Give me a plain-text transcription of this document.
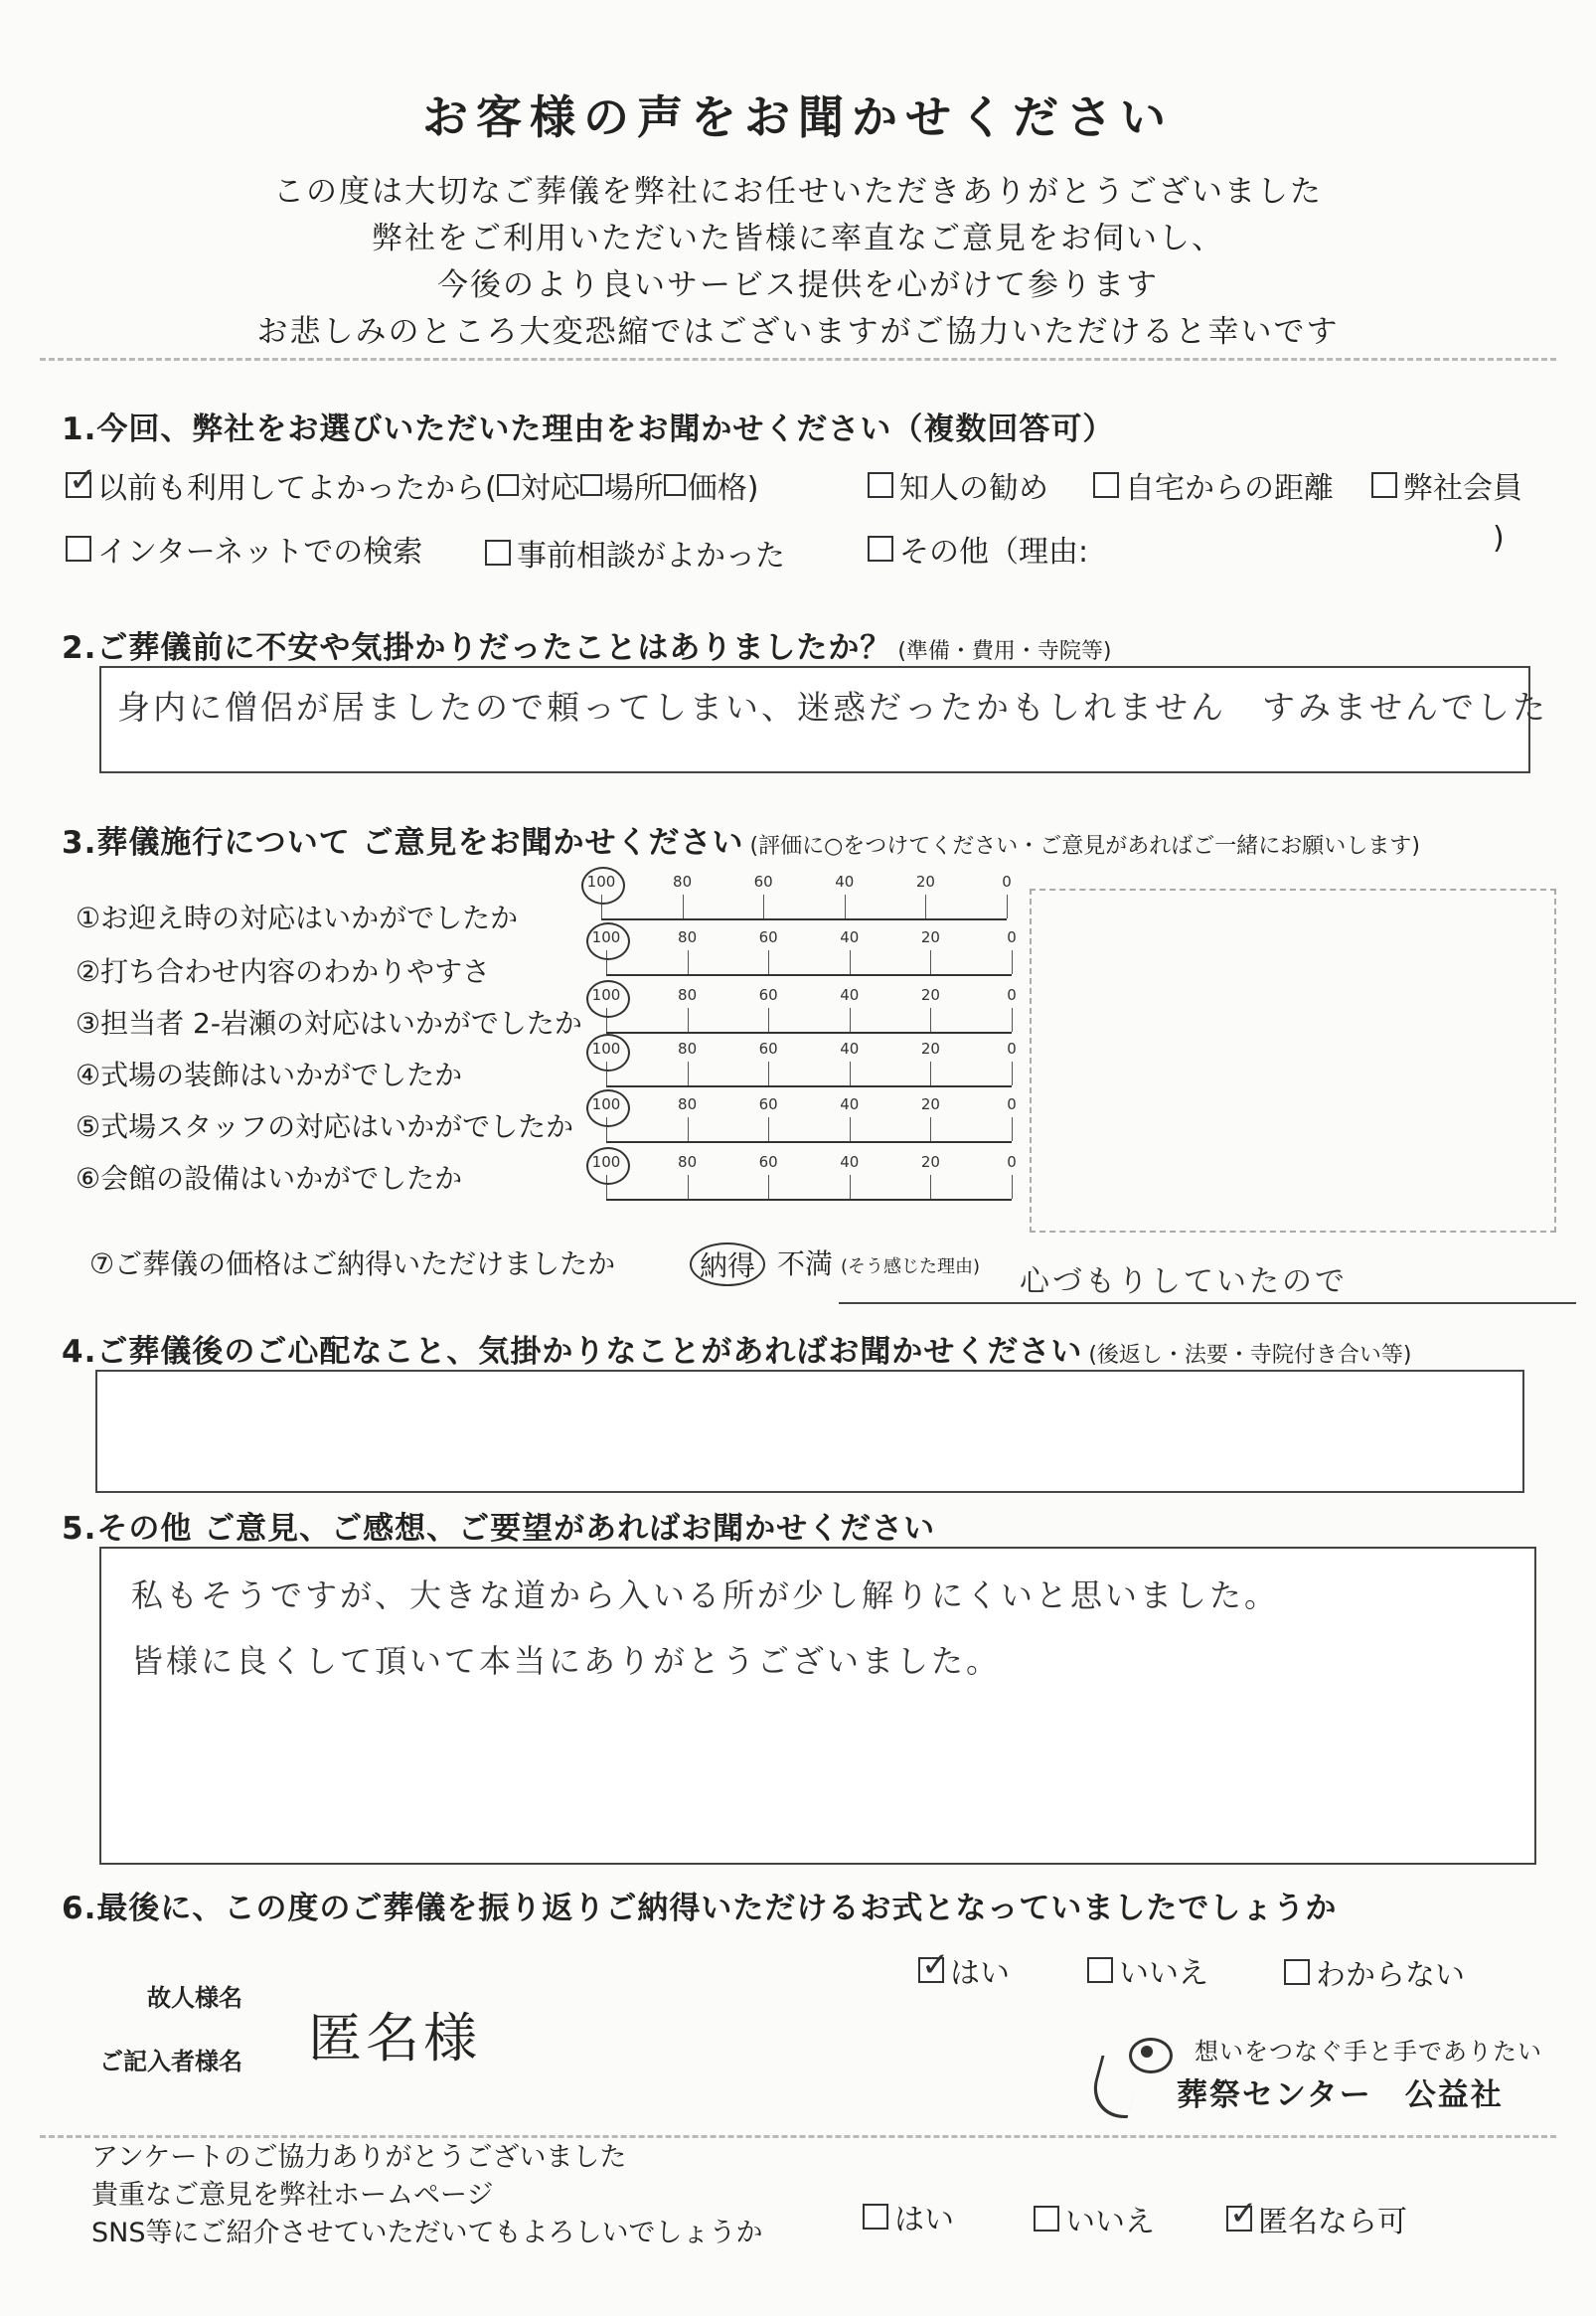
お客様の声をお聞かせください
この度は大切なご葬儀を弊社にお任せいただきありがとうございました
弊社をご利用いただいた皆様に率直なご意見をお伺いし、
今後のより良いサービス提供を心がけて参ります
お悲しみのところ大変恐縮ではございますがご協力いただけると幸いです
1.今回、弊社をお選びいただいた理由をお聞かせください（複数回答可）
✓
以前も利用してよかったから( 対応 場所 価格)	知人の勧め	自宅からの距離 弊社会員
インターネットでの検索	事前相談がよかった	その他（理由:	)
2.ご葬儀前に不安や気掛かりだったことはありましたか？ (準備・費用・寺院等)
身内に僧侶が居ましたので頼ってしまい、迷惑だったかもしれません　すみませんでした
3.葬儀施行について ご意見をお聞かせください (評価に○をつけてください・ご意見があればご一緒にお願いします)
①お迎え時の対応はいかがでしたか
100	80	60	40	20	0
②打ち合わせ内容のわかりやすさ
100	80	60	40	20	0
③担当者 2-岩瀬の対応はいかがでしたか
100	80	60	40	20	0
④式場の装飾はいかがでしたか
100	80	60	40	20	0
⑤式場スタッフの対応はいかがでしたか
100	80	60	40	20	0
⑥会館の設備はいかがでしたか	100	80	60	40	20	0
⑦ご葬儀の価格はご納得いただけましたか	納得 不満 (そう感じた理由) 心づもりしていたので
4.ご葬儀後のご心配なこと、気掛かりなことがあればお聞かせください (後返し・法要・寺院付き合い等)
5.その他 ご意見、ご感想、ご要望があればお聞かせください
私もそうですが、大きな道から入いる所が少し解りにくいと思いました。
皆様に良くして頂いて本当にありがとうございました。
6.最後に、この度のご葬儀を振り返りご納得いただけるお式となっていましたでしょうか
✓
はい	いいえ	わからない
故人様名
ご記入者様名 匿名様	想いをつなぐ手と手でありたい
葬祭センター　公益社
アンケートのご協力ありがとうございました
貴重なご意見を弊社ホームページ
SNS等にご紹介させていただいてもよろしいでしょうか	はい	いいえ ✓	匿名なら可
